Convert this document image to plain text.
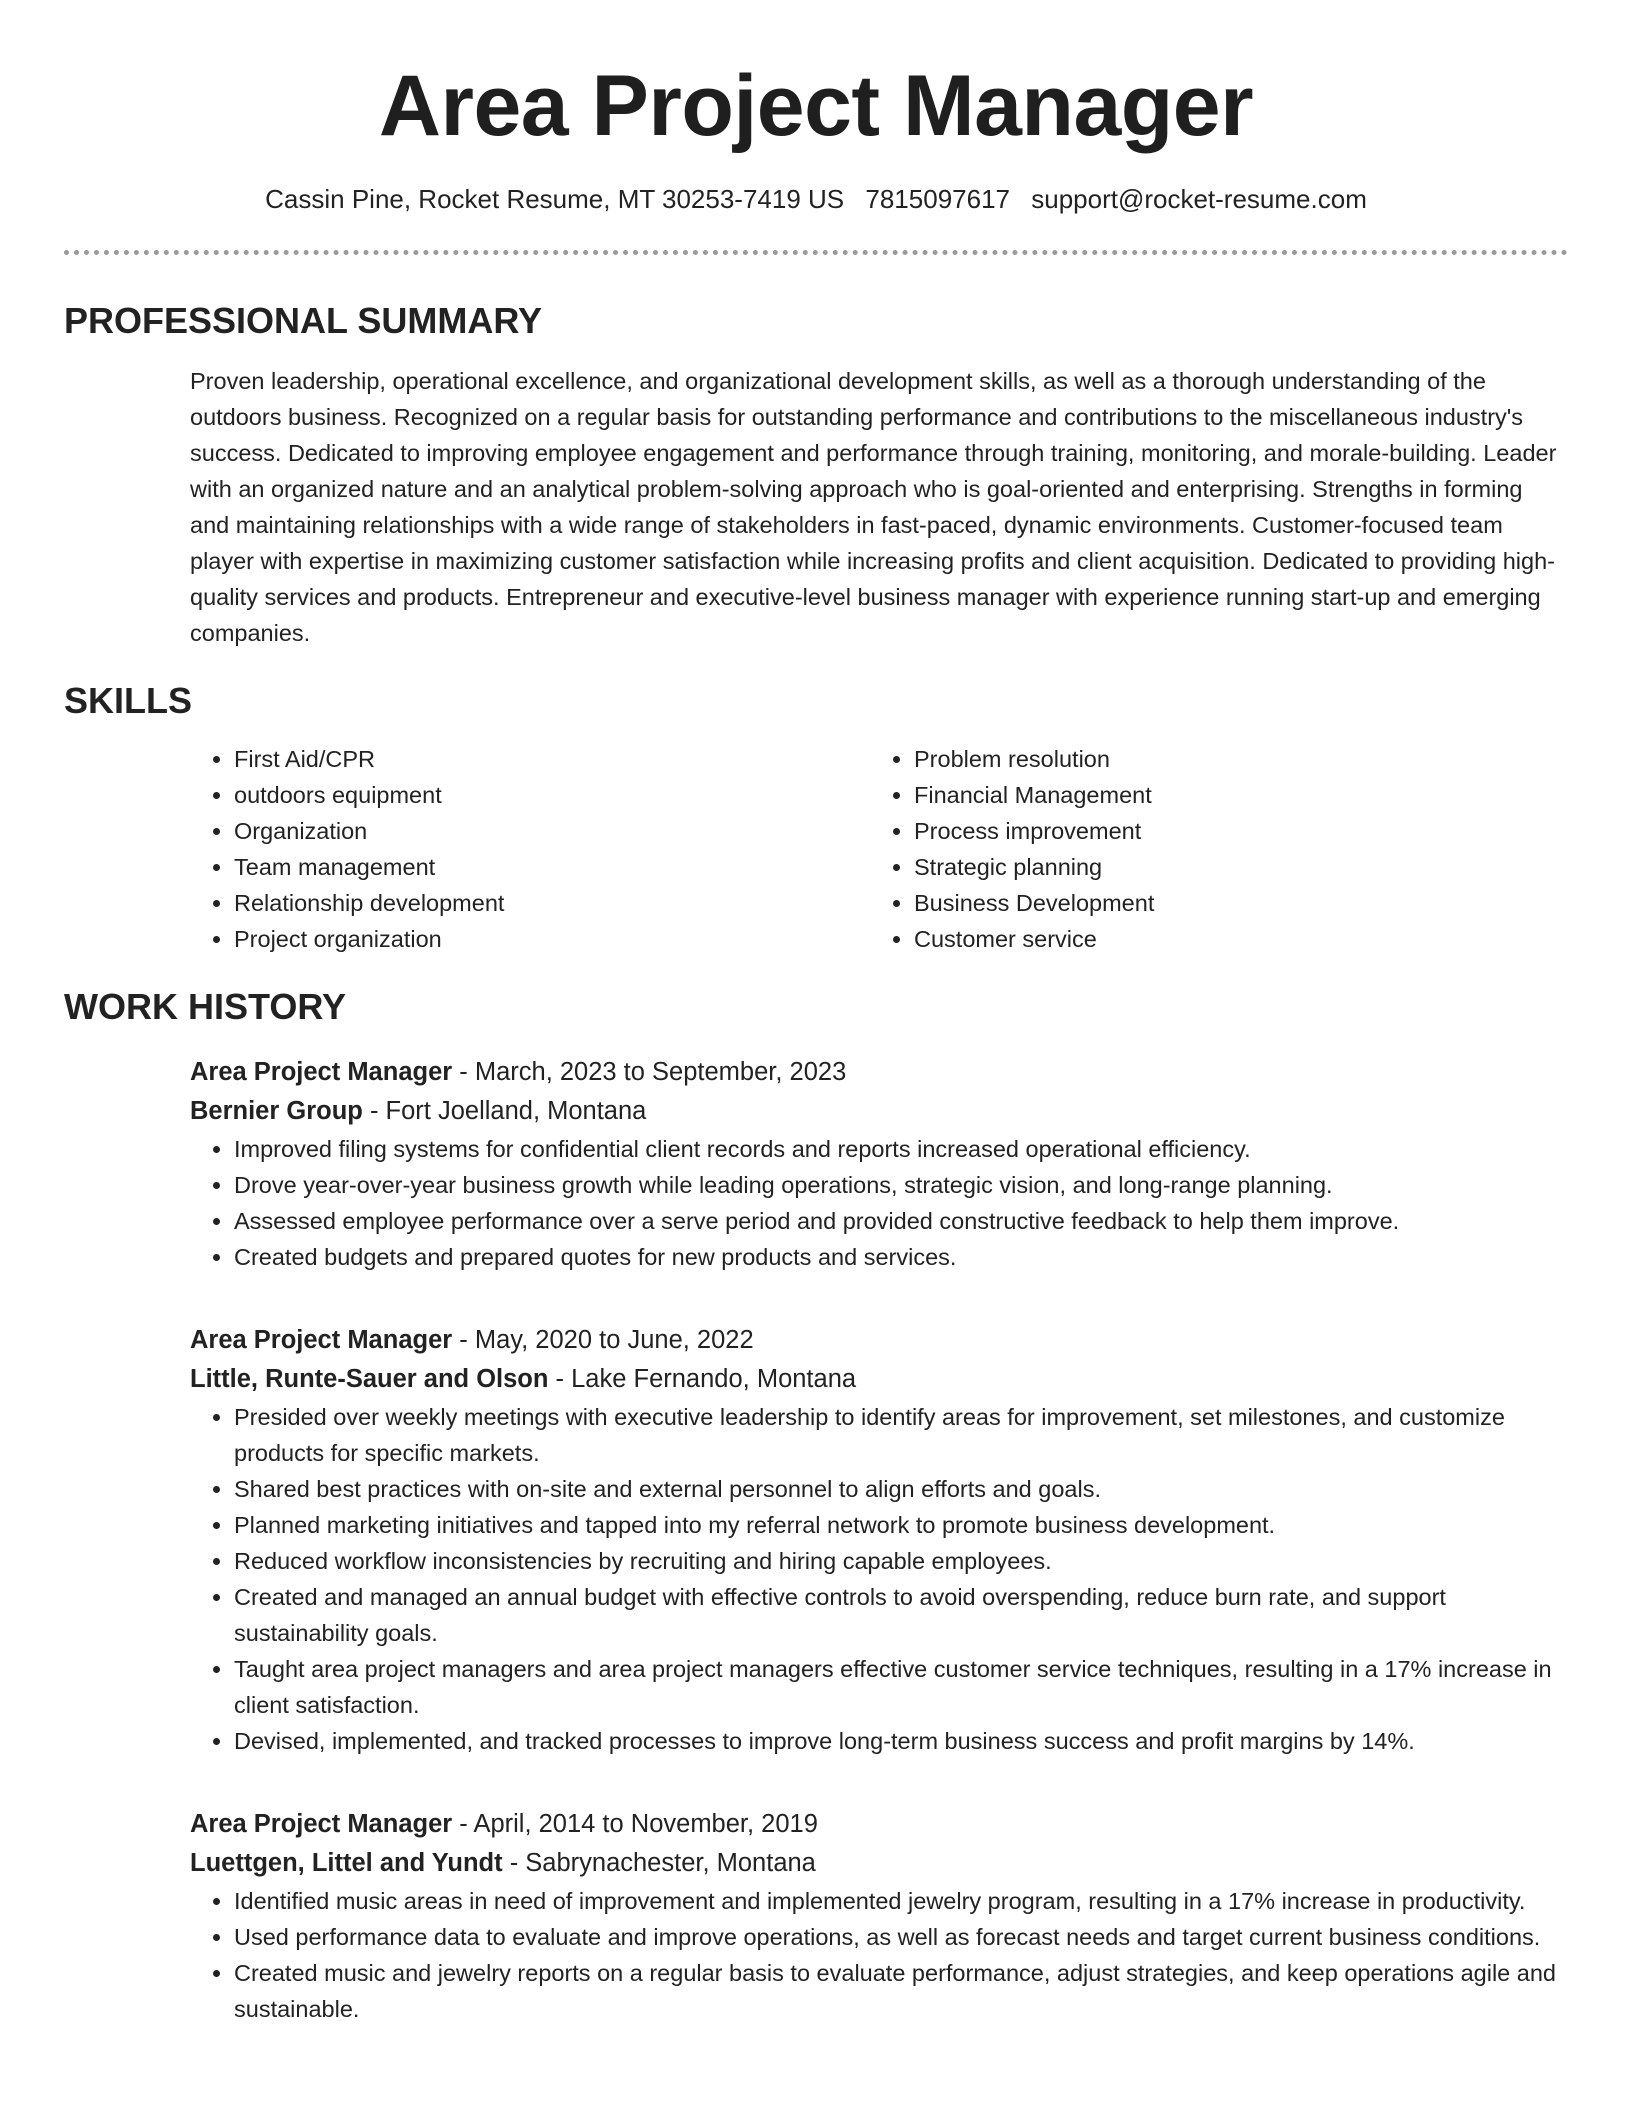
Area Project Manager
Cassin Pine, Rocket Resume, MT 30253-7419 US 7815097617 support@rocket-resume.com
PROFESSIONAL SUMMARY
Proven leadership, operational excellence, and organizational development skills, as well as a thorough understanding of the outdoors business. Recognized on a regular basis for outstanding performance and contributions to the miscellaneous industry's success. Dedicated to improving employee engagement and performance through training, monitoring, and morale-building. Leader with an organized nature and an analytical problem-solving approach who is goal-oriented and enterprising. Strengths in forming and maintaining relationships with a wide range of stakeholders in fast-paced, dynamic environments. Customer-focused team player with expertise in maximizing customer satisfaction while increasing profits and client acquisition. Dedicated to providing high-quality services and products. Entrepreneur and executive-level business manager with experience running start-up and emerging companies.
SKILLS
• First Aid/CPR
• outdoors equipment
• Organization
• Team management
• Relationship development
• Project organization
• Problem resolution
• Financial Management
• Process improvement
• Strategic planning
• Business Development
• Customer service
WORK HISTORY
Area Project Manager - March, 2023 to September, 2023
Bernier Group - Fort Joelland, Montana
• Improved filing systems for confidential client records and reports increased operational efficiency.
• Drove year-over-year business growth while leading operations, strategic vision, and long-range planning.
• Assessed employee performance over a serve period and provided constructive feedback to help them improve.
• Created budgets and prepared quotes for new products and services.
Area Project Manager - May, 2020 to June, 2022
Little, Runte-Sauer and Olson - Lake Fernando, Montana
• Presided over weekly meetings with executive leadership to identify areas for improvement, set milestones, and customize products for specific markets.
• Shared best practices with on-site and external personnel to align efforts and goals.
• Planned marketing initiatives and tapped into my referral network to promote business development.
• Reduced workflow inconsistencies by recruiting and hiring capable employees.
• Created and managed an annual budget with effective controls to avoid overspending, reduce burn rate, and support sustainability goals.
• Taught area project managers and area project managers effective customer service techniques, resulting in a 17% increase in client satisfaction.
• Devised, implemented, and tracked processes to improve long-term business success and profit margins by 14%.
Area Project Manager - April, 2014 to November, 2019
Luettgen, Littel and Yundt - Sabrynachester, Montana
• Identified music areas in need of improvement and implemented jewelry program, resulting in a 17% increase in productivity.
• Used performance data to evaluate and improve operations, as well as forecast needs and target current business conditions.
• Created music and jewelry reports on a regular basis to evaluate performance, adjust strategies, and keep operations agile and sustainable.
